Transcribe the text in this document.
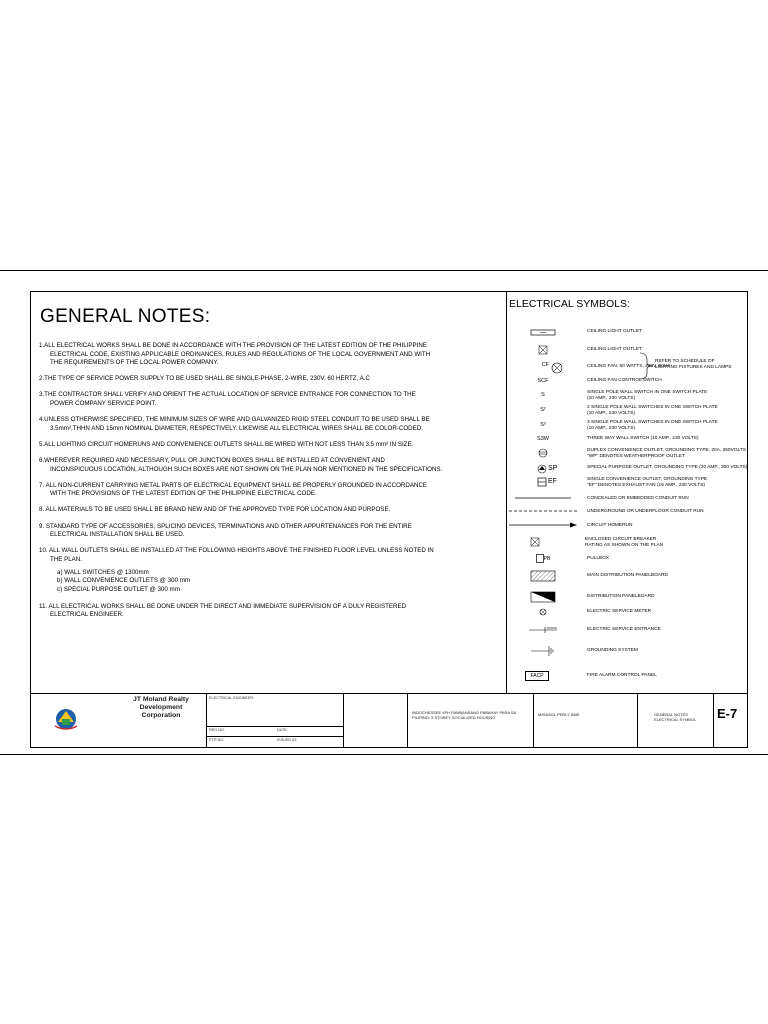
GENERAL NOTES:
1.ALL ELECTRICAL WORKS SHALL BE DONE IN ACCORDANCE WITH THE PROVISION OF THE LATEST EDITION OF THE PHILIPPINE
ELECTRICAL CODE, EXISTING APPLICABLE ORDINANCES, RULES AND REGULATIONS OF THE LOCAL GOVERNMENT AND WITH
THE REQUIREMENTS OF THE LOCAL POWER COMPANY.
2.THE TYPE OF SERVICE POWER SUPPLY TO BE USED SHALL BE SINGLE-PHASE, 2-WIRE, 230V, 60 HERTZ, A.C
3.THE CONTRACTOR SHALL VERIFY AND ORIENT THE ACTUAL LOCATION OF SERVICE ENTRANCE FOR CONNECTION TO THE
POWER COMPANY SERVICE POINT.
4.UNLESS OTHERWISE SPECIFIED, THE MINIMUM SIZES OF WIRE AND GALVANIZED RIGID STEEL CONDUIT TO BE USED SHALL BE
3.5mm²,THHN AND 15mm NOMINAL DIAMETER, RESPECTIVELY. LIKEWISE ALL ELECTRICAL WIRES SHALL BE COLOR-CODED.
5.ALL LIGHTING CIRCUIT HOMERUNS AND CONVENIENCE OUTLETS SHALL BE WIRED WITH NOT LESS THAN 3.5 mm² IN SIZE.
6.WHEREVER REQUIRED AND NECESSARY, PULL OR JUNCTION BOXES SHALL BE INSTALLED AT CONVENIENT AND
INCONSPICUOUS LOCATION, ALTHOUGH SUCH BOXES ARE NOT SHOWN ON THE PLAN NOR MENTIONED IN THE SPECIFICATIONS.
7. ALL NON-CURRENT CARRYING METAL PARTS OF ELECTRICAL EQUIPMENT SHALL BE PROPERLY GROUNDED IN ACCORDANCE
WITH THE PROVISIONS OF THE LATEST EDITION OF THE PHILIPPINE ELECTRICAL CODE.
8. ALL MATERIALS TO BE USED SHALL BE BRAND NEW AND OF THE APPROVED TYPE FOR LOCATION AND PURPOSE.
9. STANDARD TYPE OF ACCESSORIES, SPLICING DEVICES, TERMINATIONS AND OTHER APPURTENANCES FOR THE ENTIRE
ELECTRICAL INSTALLATION SHALL BE USED.
10. ALL WALL OUTLETS SHALL BE INSTALLED AT THE FOLLOWING HEIGHTS ABOVE THE FINISHED FLOOR LEVEL UNLESS NOTED IN
THE PLAN.
a) WALL SWITCHES @ 1300mm
b) WALL CONVENIENCE OUTLETS @ 300 mm
c) SPECIAL PURPOSE OUTLET @ 300 mm
11. ALL ELECTRICAL WORKS SHALL BE DONE UNDER THE DIRECT AND IMMEDIATE SUPERVISION OF A DULY REGISTERED
ELECTRICAL ENGINEER.
ELECTRICAL SYMBOLS:
REFER TO SCHEDULE OF
LIGHTING FIXTURES AND LAMPS
CEILING LIGHT OUTLET
CEILING LIGHT OUTLET
CF	CEILING FAN, 60 WATTS, 230V, 60Hz
SCF	CEILING FAN CONTROL SWITCH
S	SINGLE POLE WALL SWITCH IN ONE SWITCH PLATE
(10 AMP., 230 VOLTS)
S²	2 SINGLE POLE WALL SWITCHES IN ONE SWITCH PLATE
(10 AMP., 230 VOLTS)
S³	3 SINGLE POLE WALL SWITCHES IN ONE SWITCH PLATE
(10 AMP., 230 VOLTS)
S3W	THREE WAY WALL SWITCH (10 AMP., 230 VOLTS)
DUPLEX CONVENIENCE OUTLET, GROUNDING TYPE, 20A, 250VOLTS
"WP" DENOTES WEATHERPROOF OUTLET
SP	SPECIAL PURPOSE OUTLET, GROUNDING TYPE (20 AMP., 300 VOLTS)
EF	SINGLE CONVENIENCE OUTLET, GROUNDING TYPE
"EF" DENOTES EXHAUST FAN (15 AMP., 230 VOLTS)
CONCEALED OR EMBEDDED CONDUIT RUN
UNDERGROUND OR UNDERFLOOR CONDUIT RUN
CIRCUIT HOMERUN
ENCLOSED CIRCUIT BREAKER
RATING AS SHOWN ON THE PLAN
PB	PULLBOX
MAIN DISTRIBUTION PANELBOARD
DISTRIBUTION PANELBOARD
ELECTRIC SERVICE METER
ELECTRIC SERVICE ENTRANCE
GROUNDING SYSTEM
FACP	FIRE ALARM CONTROL PANEL
JT Moland Realty
Development
Corporation
ELECTRICAL ENGINEER:
REG NO.	DATE:
PTR NO.	ISSUED AT:
INDOCHESSEE 4PH PAMBANSANG PABAHAY PARA SA
PILIPINO: 5 STOREY SOCIALIZED HOUSING
MIRASOL PERLY BME	GENERAL NOTES
ELECTRICAL SYMBOL E-7
